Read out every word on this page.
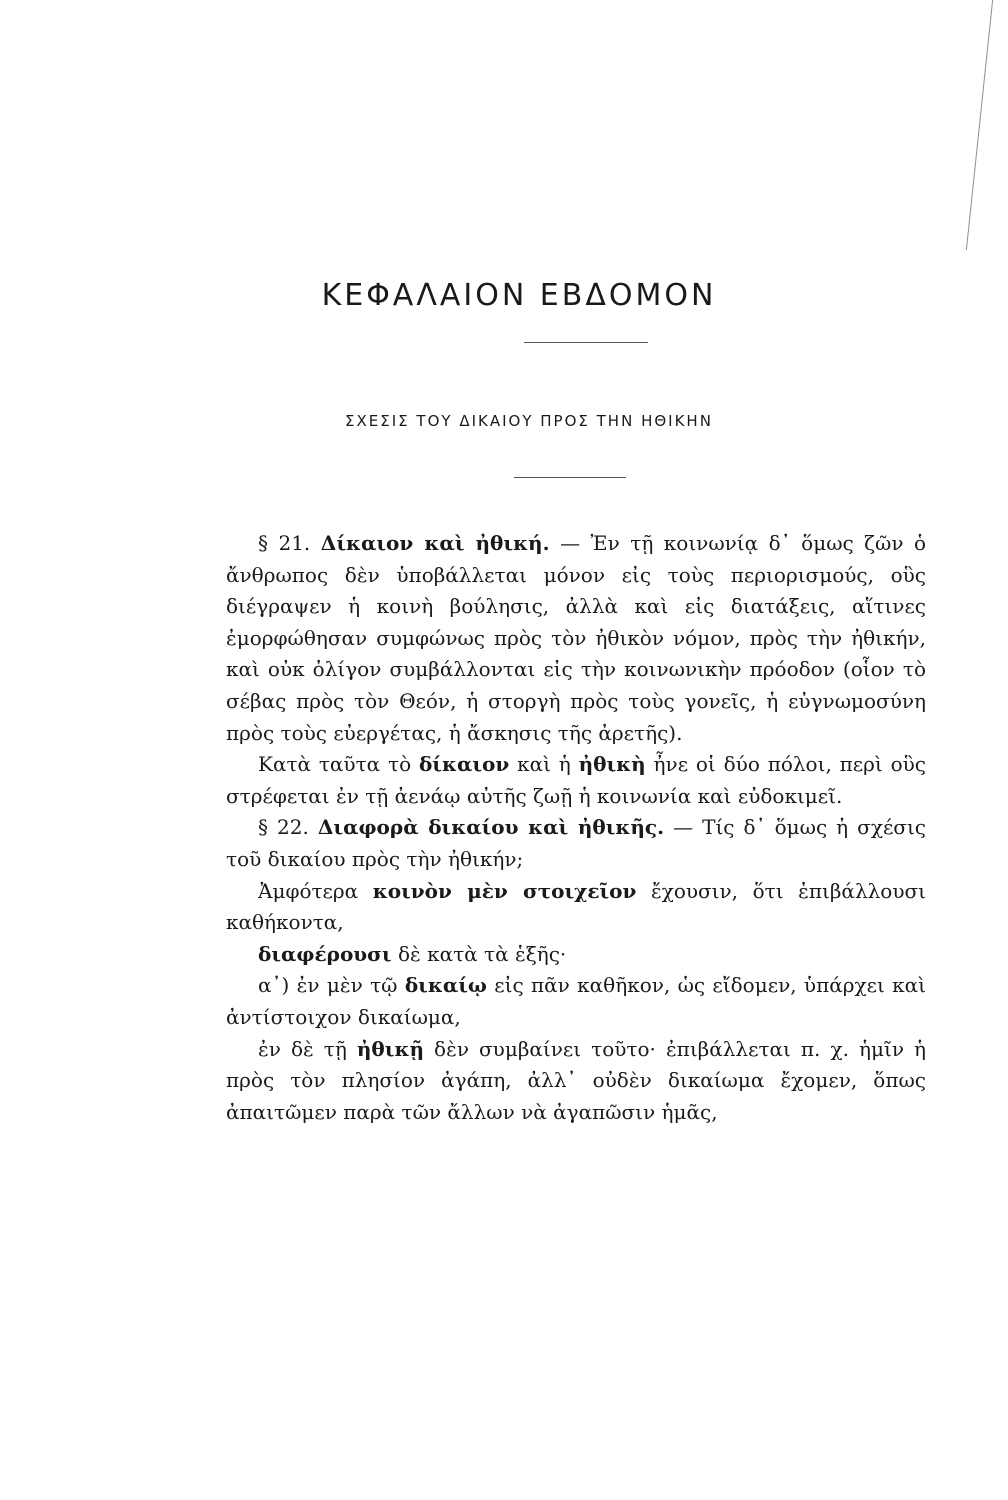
ΚΕΦΑΛΑΙΟΝ ΕΒΔΟΜΟΝ
ΣΧΕΣΙΣ ΤΟΥ ΔΙΚΑΙΟΥ ΠΡΟΣ ΤΗΝ ΗΘΙΚΗΝ

§ 21. Δίκαιον καὶ ἠθική. — Ἐν τῇ κοινωνίᾳ δ᾿ ὅμως ζῶν ὁ ἄνθρωπος δὲν ὑποβάλλεται μόνον εἰς τοὺς περιορισμούς, οὓς διέγραψεν ἡ κοινὴ βούλησις, ἀλλὰ καὶ εἰς διατάξεις, αἵτινες ἐμορφώθησαν συμφώνως πρὸς τὸν ἠθικὸν νόμον, πρὸς τὴν ἠθικήν, καὶ οὐκ ὀλίγον συμβάλλονται εἰς τὴν κοινωνικὴν πρόοδον (οἷον τὸ σέβας πρὸς τὸν Θεόν, ἡ στοργὴ πρὸς τοὺς γονεῖς, ἡ εὐγνωμοσύνη πρὸς τοὺς εὐεργέτας, ἡ ἄσκησις τῆς ἀρετῆς).

Κατὰ ταῦτα τὸ δίκαιον καὶ ἡ ἠθικὴ ἦνε οἱ δύο πόλοι, περὶ οὓς στρέφεται ἐν τῇ ἀενάῳ αὐτῆς ζωῇ ἡ κοινωνία καὶ εὐδοκιμεῖ.

§ 22. Διαφορὰ δικαίου καὶ ἠθικῆς. — Τίς δ᾿ ὅμως ἡ σχέσις τοῦ δικαίου πρὸς τὴν ἠθικήν;

Ἀμφότερα κοινὸν μὲν στοιχεῖον ἔχουσιν, ὅτι ἐπιβάλλουσι καθήκοντα,

διαφέρουσι δὲ κατὰ τὰ ἑξῆς·

α᾿) ἐν μὲν τῷ δικαίῳ εἰς πᾶν καθῆκον, ὡς εἴδομεν, ὑπάρχει καὶ ἀντίστοιχον δικαίωμα,

ἐν δὲ τῇ ἠθικῇ δὲν συμβαίνει τοῦτο· ἐπιβάλλεται π. χ. ἡμῖν ἡ πρὸς τὸν πλησίον ἀγάπη, ἀλλ᾿ οὐδὲν δικαίωμα ἔχομεν, ὅπως ἀπαιτῶμεν παρὰ τῶν ἄλλων νὰ ἀγαπῶσιν ἡμᾶς,
